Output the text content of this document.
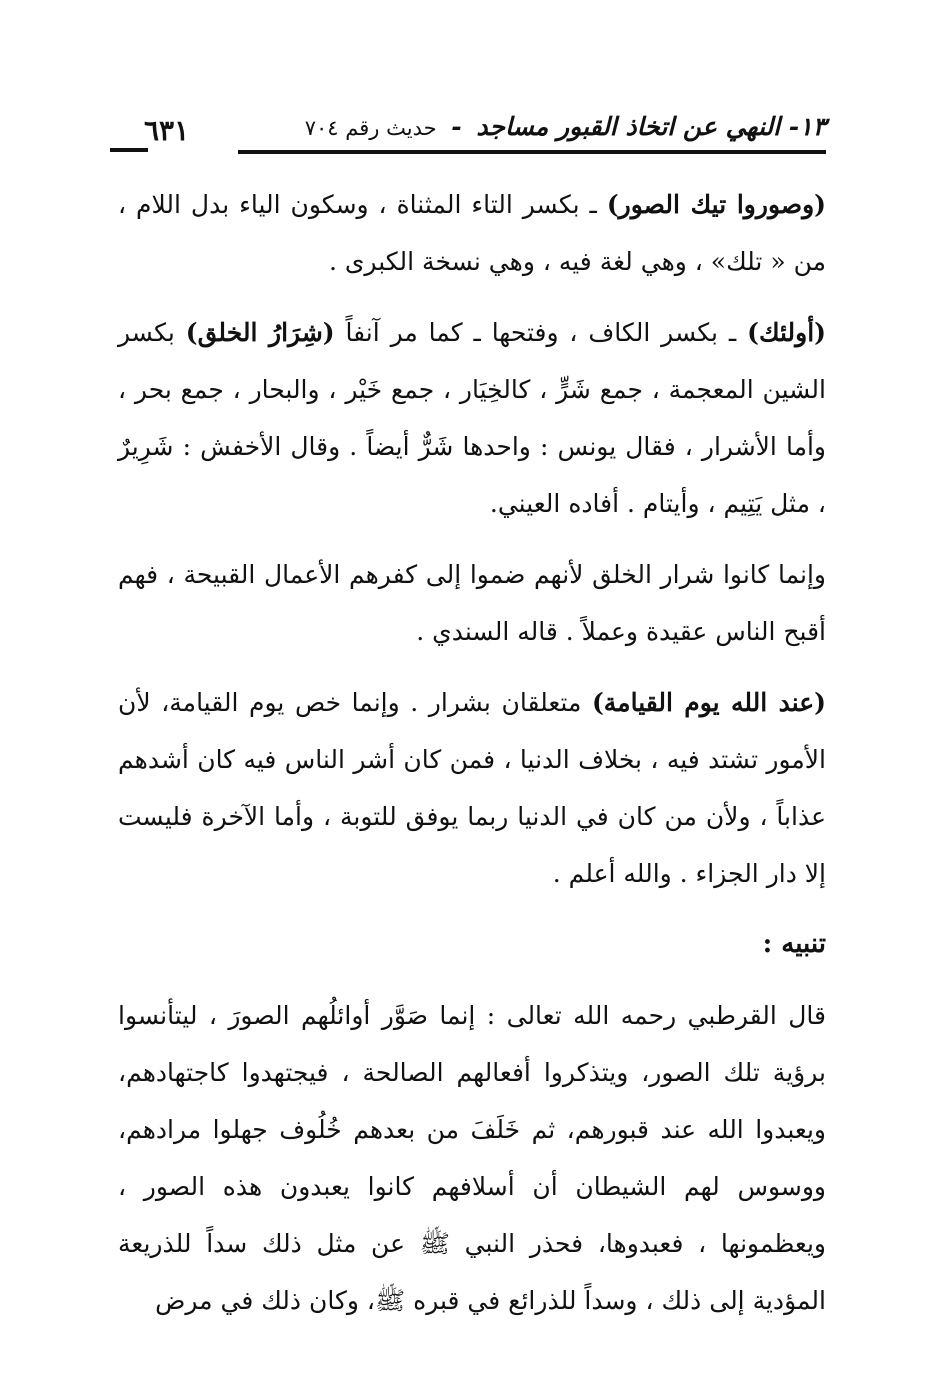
١٣- النهي عن اتخاذ القبور مساجد - حديث رقم ٧٠٤
٦٣١

(وصوروا تيك الصور) ـ بكسر التاء المثناة ، وسكون الياء بدل اللام ، من « تلك» ، وهي لغة فيه ، وهي نسخة الكبرى .

(أولئك) ـ بكسر الكاف ، وفتحها ـ كما مر آنفاً (شِرَارُ الخلق) بكسر الشين المعجمة ، جمع شَرٍّ ، كالخِيَار ، جمع خَيْر ، والبحار ، جمع بحر ، وأما الأشرار ، فقال يونس : واحدها شَرٌّ أيضاً . وقال الأخفش : شَرِيرٌ ، مثل يَتِيم ، وأيتام . أفاده العيني.

وإنما كانوا شرار الخلق لأنهم ضموا إلى كفرهم الأعمال القبيحة ، فهم أقبح الناس عقيدة وعملاً . قاله السندي .

(عند الله يوم القيامة) متعلقان بشرار . وإنما خص يوم القيامة، لأن الأمور تشتد فيه ، بخلاف الدنيا ، فمن كان أشر الناس فيه كان أشدهم عذاباً ، ولأن من كان في الدنيا ربما يوفق للتوبة ، وأما الآخرة فليست إلا دار الجزاء . والله أعلم .

تنبيه :

قال القرطبي رحمه الله تعالى : إنما صَوَّر أوائلُهم الصورَ ، ليتأنسوا برؤية تلك الصور، ويتذكروا أفعالهم الصالحة ، فيجتهدوا كاجتهادهم، ويعبدوا الله عند قبورهم، ثم خَلَفَ من بعدهم خُلُوف جهلوا مرادهم، ووسوس لهم الشيطان أن أسلافهم كانوا يعبدون هذه الصور ، ويعظمونها ، فعبدوها، فحذر النبي ﷺ عن مثل ذلك سداً للذريعة المؤدية إلى ذلك ، وسداً للذرائع في قبره ﷺ، وكان ذلك في مرض
